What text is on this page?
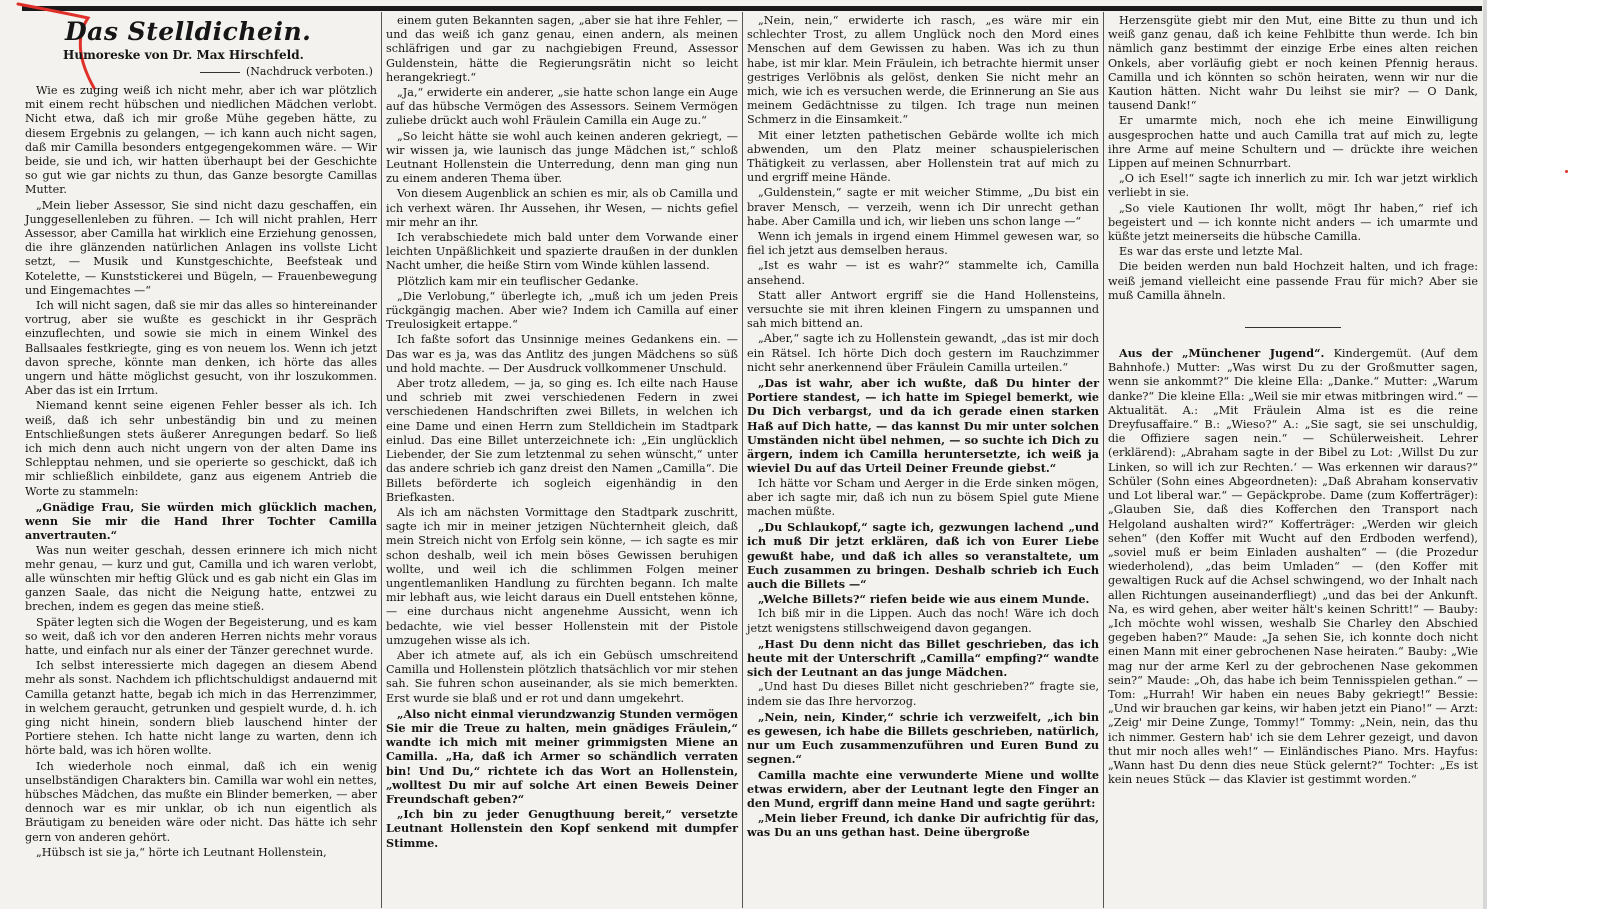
Das Stelldichein.
Humoreske von Dr. Max Hirschfeld.
(Nachdruck verboten.)

Wie es zuging weiß ich nicht mehr, aber ich war plötzlich mit einem recht hübschen und niedlichen Mädchen verlobt. Nicht etwa, daß ich mir große Mühe gegeben hätte, zu diesem Ergebnis zu gelangen, — ich kann auch nicht sagen, daß mir Camilla besonders entgegengekommen wäre. — Wir beide, sie und ich, wir hatten überhaupt bei der Geschichte so gut wie gar nichts zu thun, das Ganze besorgte Camillas Mutter.

„Mein lieber Assessor, Sie sind nicht dazu geschaffen, ein Junggesellenleben zu führen. — Ich will nicht prahlen, Herr Assessor, aber Camilla hat wirklich eine Erziehung genossen, die ihre glänzenden natürlichen Anlagen ins vollste Licht setzt, — Musik und Kunstgeschichte, Beefsteak und Kotelette, — Kunststickerei und Bügeln, — Frauenbewegung und Eingemachtes —“

Ich will nicht sagen, daß sie mir das alles so hintereinander vortrug, aber sie wußte es geschickt in ihr Gespräch einzuflechten, und sowie sie mich in einem Winkel des Ballsaales festkriegte, ging es von neuem los. Wenn ich jetzt davon spreche, könnte man denken, ich hörte das alles ungern und hätte möglichst gesucht, von ihr loszukommen. Aber das ist ein Irrtum.

Niemand kennt seine eigenen Fehler besser als ich. Ich weiß, daß ich sehr unbeständig bin und zu meinen Entschließungen stets äußerer Anregungen bedarf. So ließ ich mich denn auch nicht ungern von der alten Dame ins Schlepptau nehmen, und sie operierte so geschickt, daß ich mir schließlich einbildete, ganz aus eigenem Antrieb die Worte zu stammeln:

„Gnädige Frau, Sie würden mich glücklich machen, wenn Sie mir die Hand Ihrer Tochter Camilla anvertrauten.“

Was nun weiter geschah, dessen erinnere ich mich nicht mehr genau, — kurz und gut, Camilla und ich waren verlobt, alle wünschten mir heftig Glück und es gab nicht ein Glas im ganzen Saale, das nicht die Neigung hatte, entzwei zu brechen, indem es gegen das meine stieß.

Später legten sich die Wogen der Begeisterung, und es kam so weit, daß ich vor den anderen Herren nichts mehr voraus hatte, und einfach nur als einer der Tänzer gerechnet wurde.

Ich selbst interessierte mich dagegen an diesem Abend mehr als sonst. Nachdem ich pflichtschuldigst andauernd mit Camilla getanzt hatte, begab ich mich in das Herrenzimmer, in welchem geraucht, getrunken und gespielt wurde, d. h. ich ging nicht hinein, sondern blieb lauschend hinter der Portiere stehen. Ich hatte nicht lange zu warten, denn ich hörte bald, was ich hören wollte.

Ich wiederhole noch einmal, daß ich ein wenig unselbständigen Charakters bin. Camilla war wohl ein nettes, hübsches Mädchen, das mußte ein Blinder bemerken, — aber dennoch war es mir unklar, ob ich nun eigentlich als Bräutigam zu beneiden wäre oder nicht. Das hätte ich sehr gern von anderen gehört.

„Hübsch ist sie ja,“ hörte ich Leutnant Hollenstein,

einem guten Bekannten sagen, „aber sie hat ihre Fehler, — und das weiß ich ganz genau, einen andern, als meinen schläfrigen und gar zu nachgiebigen Freund, Assessor Guldenstein, hätte die Regierungsrätin nicht so leicht herangekriegt.“

„Ja,“ erwiderte ein anderer, „sie hatte schon lange ein Auge auf das hübsche Vermögen des Assessors. Seinem Vermögen zuliebe drückt auch wohl Fräulein Camilla ein Auge zu.“

„So leicht hätte sie wohl auch keinen anderen gekriegt, — wir wissen ja, wie launisch das junge Mädchen ist,“ schloß Leutnant Hollenstein die Unterredung, denn man ging nun zu einem anderen Thema über.

Von diesem Augenblick an schien es mir, als ob Camilla und ich verhext wären. Ihr Aussehen, ihr Wesen, — nichts gefiel mir mehr an ihr.

Ich verabschiedete mich bald unter dem Vorwande einer leichten Unpäßlichkeit und spazierte draußen in der dunklen Nacht umher, die heiße Stirn vom Winde kühlen lassend.

Plötzlich kam mir ein teuflischer Gedanke.

„Die Verlobung,“ überlegte ich, „muß ich um jeden Preis rückgängig machen. Aber wie? Indem ich Camilla auf einer Treulosigkeit ertappe.“

Ich faßte sofort das Unsinnige meines Gedankens ein. — Das war es ja, was das Antlitz des jungen Mädchens so süß und hold machte. — Der Ausdruck vollkommener Unschuld.

Aber trotz alledem, — ja, so ging es. Ich eilte nach Hause und schrieb mit zwei verschiedenen Federn in zwei verschiedenen Handschriften zwei Billets, in welchen ich eine Dame und einen Herrn zum Stelldichein im Stadtpark einlud. Das eine Billet unterzeichnete ich: „Ein unglücklich Liebender, der Sie zum letztenmal zu sehen wünscht,“ unter das andere schrieb ich ganz dreist den Namen „Camilla“. Die Billets beförderte ich sogleich eigenhändig in den Briefkasten.

Als ich am nächsten Vormittage den Stadtpark zuschritt, sagte ich mir in meiner jetzigen Nüchternheit gleich, daß mein Streich nicht von Erfolg sein könne, — ich sagte es mir schon deshalb, weil ich mein böses Gewissen beruhigen wollte, und weil ich die schlimmen Folgen meiner ungentlemanliken Handlung zu fürchten begann. Ich malte mir lebhaft aus, wie leicht daraus ein Duell entstehen könne, — eine durchaus nicht angenehme Aussicht, wenn ich bedachte, wie viel besser Hollenstein mit der Pistole umzugehen wisse als ich.

Aber ich atmete auf, als ich ein Gebüsch umschreitend Camilla und Hollenstein plötzlich thatsächlich vor mir stehen sah. Sie fuhren schon auseinander, als sie mich bemerkten. Erst wurde sie blaß und er rot und dann umgekehrt.

„Also nicht einmal vierundzwanzig Stunden vermögen Sie mir die Treue zu halten, mein gnädiges Fräulein,“ wandte ich mich mit meiner grimmigsten Miene an Camilla. „Ha, daß ich Armer so schändlich verraten bin! Und Du,“ richtete ich das Wort an Hollenstein, „wolltest Du mir auf solche Art einen Beweis Deiner Freundschaft geben?“

„Ich bin zu jeder Genugthuung bereit,“ versetzte Leutnant Hollenstein den Kopf senkend mit dumpfer Stimme.

„Nein, nein,“ erwiderte ich rasch, „es wäre mir ein schlechter Trost, zu allem Unglück noch den Mord eines Menschen auf dem Gewissen zu haben. Was ich zu thun habe, ist mir klar. Mein Fräulein, ich betrachte hiermit unser gestriges Verlöbnis als gelöst, denken Sie nicht mehr an mich, wie ich es versuchen werde, die Erinnerung an Sie aus meinem Gedächtnisse zu tilgen. Ich trage nun meinen Schmerz in die Einsamkeit.“

Mit einer letzten pathetischen Gebärde wollte ich mich abwenden, um den Platz meiner schauspielerischen Thätigkeit zu verlassen, aber Hollenstein trat auf mich zu und ergriff meine Hände.

„Guldenstein,“ sagte er mit weicher Stimme, „Du bist ein braver Mensch, — verzeih, wenn ich Dir unrecht gethan habe. Aber Camilla und ich, wir lieben uns schon lange —“

Wenn ich jemals in irgend einem Himmel gewesen war, so fiel ich jetzt aus demselben heraus.

„Ist es wahr — ist es wahr?“ stammelte ich, Camilla ansehend.

Statt aller Antwort ergriff sie die Hand Hollensteins, versuchte sie mit ihren kleinen Fingern zu umspannen und sah mich bittend an.

„Aber,“ sagte ich zu Hollenstein gewandt, „das ist mir doch ein Rätsel. Ich hörte Dich doch gestern im Rauchzimmer nicht sehr anerkennend über Fräulein Camilla urteilen.“

„Das ist wahr, aber ich wußte, daß Du hinter der Portiere standest, — ich hatte im Spiegel bemerkt, wie Du Dich verbargst, und da ich gerade einen starken Haß auf Dich hatte, — das kannst Du mir unter solchen Umständen nicht übel nehmen, — so suchte ich Dich zu ärgern, indem ich Camilla heruntersetzte, ich weiß ja wieviel Du auf das Urteil Deiner Freunde giebst.“

Ich hätte vor Scham und Aerger in die Erde sinken mögen, aber ich sagte mir, daß ich nun zu bösem Spiel gute Miene machen müßte.

„Du Schlaukopf,“ sagte ich, gezwungen lachend „und ich muß Dir jetzt erklären, daß ich von Eurer Liebe gewußt habe, und daß ich alles so veranstaltete, um Euch zusammen zu bringen. Deshalb schrieb ich Euch auch die Billets —“

„Welche Billets?“ riefen beide wie aus einem Munde.

Ich biß mir in die Lippen. Auch das noch! Wäre ich doch jetzt wenigstens stillschweigend davon gegangen.

„Hast Du denn nicht das Billet geschrieben, das ich heute mit der Unterschrift „Camilla“ empfing?“ wandte sich der Leutnant an das junge Mädchen.

„Und hast Du dieses Billet nicht geschrieben?“ fragte sie, indem sie das Ihre hervorzog.

„Nein, nein, Kinder,“ schrie ich verzweifelt, „ich bin es gewesen, ich habe die Billets geschrieben, natürlich, nur um Euch zusammenzuführen und Euren Bund zu segnen.“

Camilla machte eine verwunderte Miene und wollte etwas erwidern, aber der Leutnant legte den Finger an den Mund, ergriff dann meine Hand und sagte gerührt:

„Mein lieber Freund, ich danke Dir aufrichtig für das, was Du an uns gethan hast. Deine übergroße

Herzensgüte giebt mir den Mut, eine Bitte zu thun und ich weiß ganz genau, daß ich keine Fehlbitte thun werde. Ich bin nämlich ganz bestimmt der einzige Erbe eines alten reichen Onkels, aber vorläufig giebt er noch keinen Pfennig heraus. Camilla und ich könnten so schön heiraten, wenn wir nur die Kaution hätten. Nicht wahr Du leihst sie mir? — O Dank, tausend Dank!“

Er umarmte mich, noch ehe ich meine Einwilligung ausgesprochen hatte und auch Camilla trat auf mich zu, legte ihre Arme auf meine Schultern und — drückte ihre weichen Lippen auf meinen Schnurrbart.

„O ich Esel!“ sagte ich innerlich zu mir. Ich war jetzt wirklich verliebt in sie.

„So viele Kautionen Ihr wollt, mögt Ihr haben,“ rief ich begeistert und — ich konnte nicht anders — ich umarmte und küßte jetzt meinerseits die hübsche Camilla.

Es war das erste und letzte Mal.

Die beiden werden nun bald Hochzeit halten, und ich frage: weiß jemand vielleicht eine passende Frau für mich? Aber sie muß Camilla ähneln.

Aus der „Münchener Jugend“. Kindergemüt. (Auf dem Bahnhofe.) Mutter: „Was wirst Du zu der Großmutter sagen, wenn sie ankommt?“ Die kleine Ella: „Danke.“ Mutter: „Warum danke?“ Die kleine Ella: „Weil sie mir etwas mitbringen wird.“ — Aktualität. A.: „Mit Fräulein Alma ist es die reine Dreyfusaffaire.“ B.: „Wieso?“ A.: „Sie sagt, sie sei unschuldig, die Offiziere sagen nein.“ — Schülerweisheit. Lehrer (erklärend): „Abraham sagte in der Bibel zu Lot: ‚Willst Du zur Linken, so will ich zur Rechten.‘ — Was erkennen wir daraus?“ Schüler (Sohn eines Abgeordneten): „Daß Abraham konservativ und Lot liberal war.“ — Gepäckprobe. Dame (zum Kofferträger): „Glauben Sie, daß dies Kofferchen den Transport nach Helgoland aushalten wird?“ Kofferträger: „Werden wir gleich sehen“ (den Koffer mit Wucht auf den Erdboden werfend), „soviel muß er beim Einladen aushalten“ — (die Prozedur wiederholend), „das beim Umladen“ — (den Koffer mit gewaltigen Ruck auf die Achsel schwingend, wo der Inhalt nach allen Richtungen auseinanderfliegt) „und das bei der Ankunft. Na, es wird gehen, aber weiter hält's keinen Schritt!“ — Bauby: „Ich möchte wohl wissen, weshalb Sie Charley den Abschied gegeben haben?“ Maude: „Ja sehen Sie, ich konnte doch nicht einen Mann mit einer gebrochenen Nase heiraten.“ Bauby: „Wie mag nur der arme Kerl zu der gebrochenen Nase gekommen sein?“ Maude: „Oh, das habe ich beim Tennisspielen gethan.“ — Tom: „Hurrah! Wir haben ein neues Baby gekriegt!“ Bessie: „Und wir brauchen gar keins, wir haben jetzt ein Piano!“ — Arzt: „Zeig' mir Deine Zunge, Tommy!“ Tommy: „Nein, nein, das thu ich nimmer. Gestern hab' ich sie dem Lehrer gezeigt, und davon thut mir noch alles weh!“ — Einländisches Piano. Mrs. Hayfus: „Wann hast Du denn dies neue Stück gelernt?“ Tochter: „Es ist kein neues Stück — das Klavier ist gestimmt worden.“
